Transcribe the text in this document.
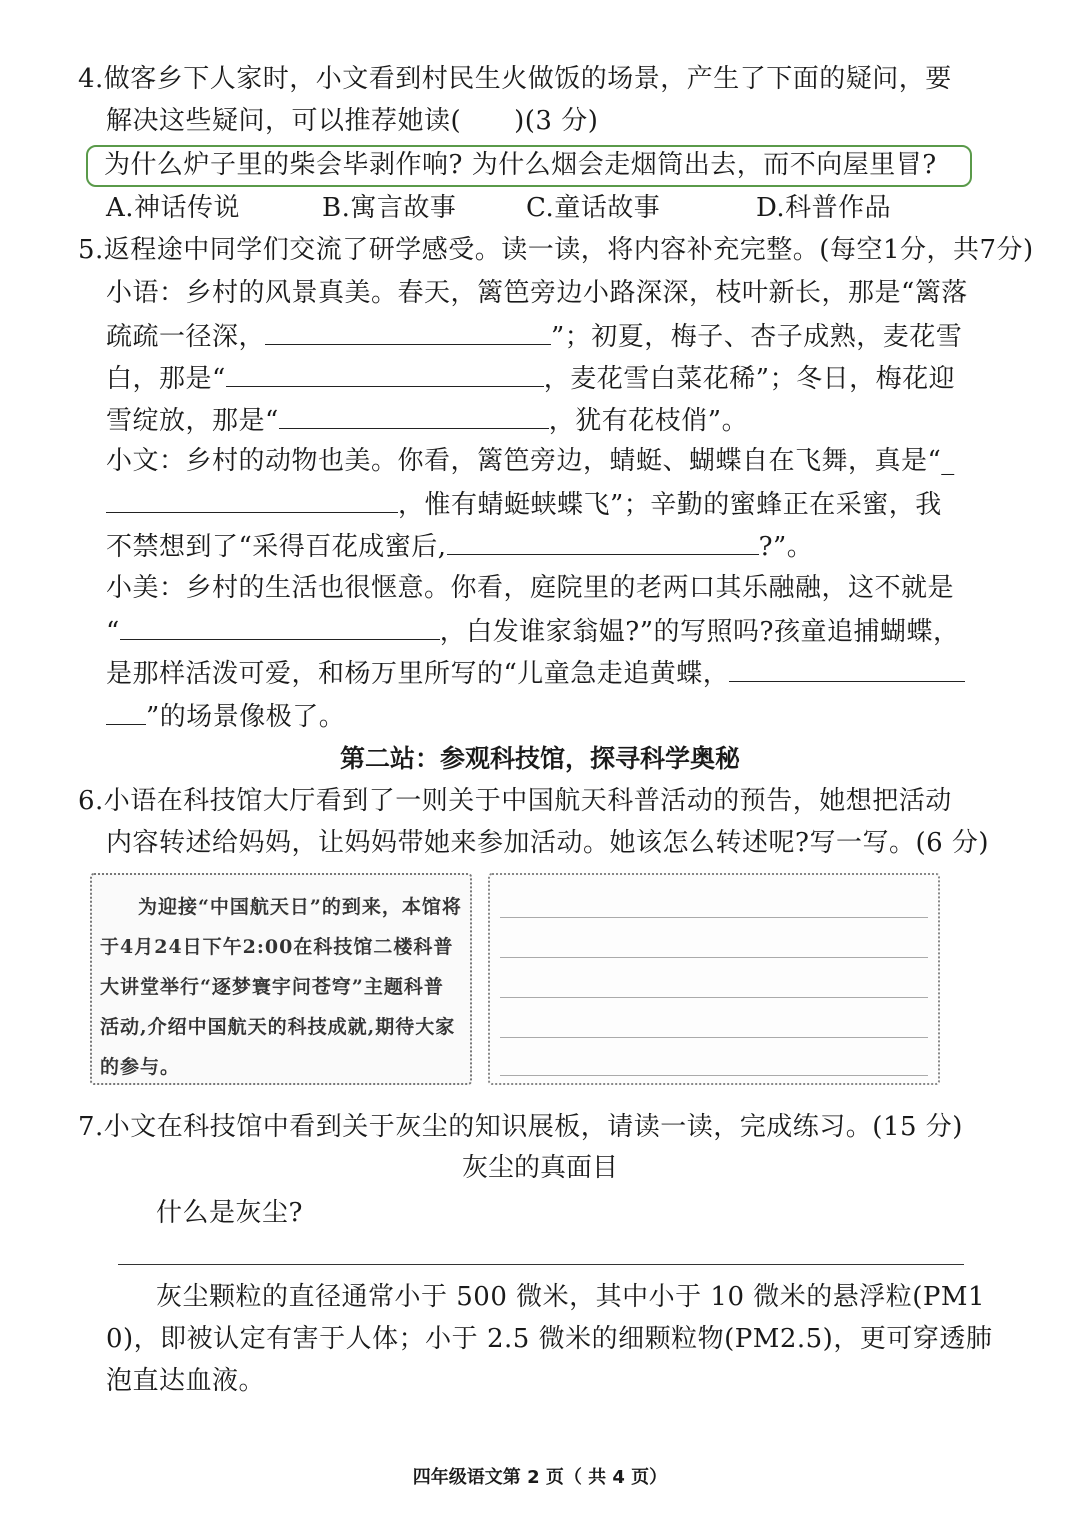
4.做客乡下人家时，小文看到村民生火做饭的场景，产生了下面的疑问，要
解决这些疑问，可以推荐她读(　　)(3 分)
为什么炉子里的柴会毕剥作响? 为什么烟会走烟筒出去，而不向屋里冒?
A.神话传说	B.寓言故事	C.童话故事	D.科普作品
5.返程途中同学们交流了研学感受。读一读，将内容补充完整。(每空1分，共7分)
小语：乡村的风景真美。春天，篱笆旁边小路深深，枝叶新长，那是“篱落
疏疏一径深，	”；初夏，梅子、杏子成熟，麦花雪
白，那是“	，麦花雪白菜花稀”；冬日，梅花迎
雪绽放，那是“	，犹有花枝俏”。
小文：乡村的动物也美。你看，篱笆旁边，蜻蜓、蝴蝶自在飞舞，真是“_
，惟有蜻蜓蛱蝶飞”；辛勤的蜜蜂正在采蜜，我
不禁想到了“采得百花成蜜后,	?”。
小美：乡村的生活也很惬意。你看，庭院里的老两口其乐融融，这不就是
“	，白发谁家翁媪?”的写照吗?孩童追捕蝴蝶，
是那样活泼可爱，和杨万里所写的“儿童急走追黄蝶，
”的场景像极了。
第二站：参观科技馆，探寻科学奥秘
6.小语在科技馆大厅看到了一则关于中国航天科普活动的预告，她想把活动
内容转述给妈妈，让妈妈带她来参加活动。她该怎么转述呢?写一写。(6 分)

为迎接“中国航天日”的到来，本馆将于4月24日下午2:00在科技馆二楼科普大讲堂举行“逐梦寰宇问苍穹”主题科普活动,介绍中国航天的科技成就,期待大家的参与。

7.小文在科技馆中看到关于灰尘的知识展板，请读一读，完成练习。(15 分)
灰尘的真面目
什么是灰尘?
灰尘颗粒的直径通常小于 500 微米，其中小于 10 微米的悬浮粒(PM1
0)，即被认定有害于人体；小于 2.5 微米的细颗粒物(PM2.5)，更可穿透肺
泡直达血液。
四年级语文第 2 页（ 共 4 页）
